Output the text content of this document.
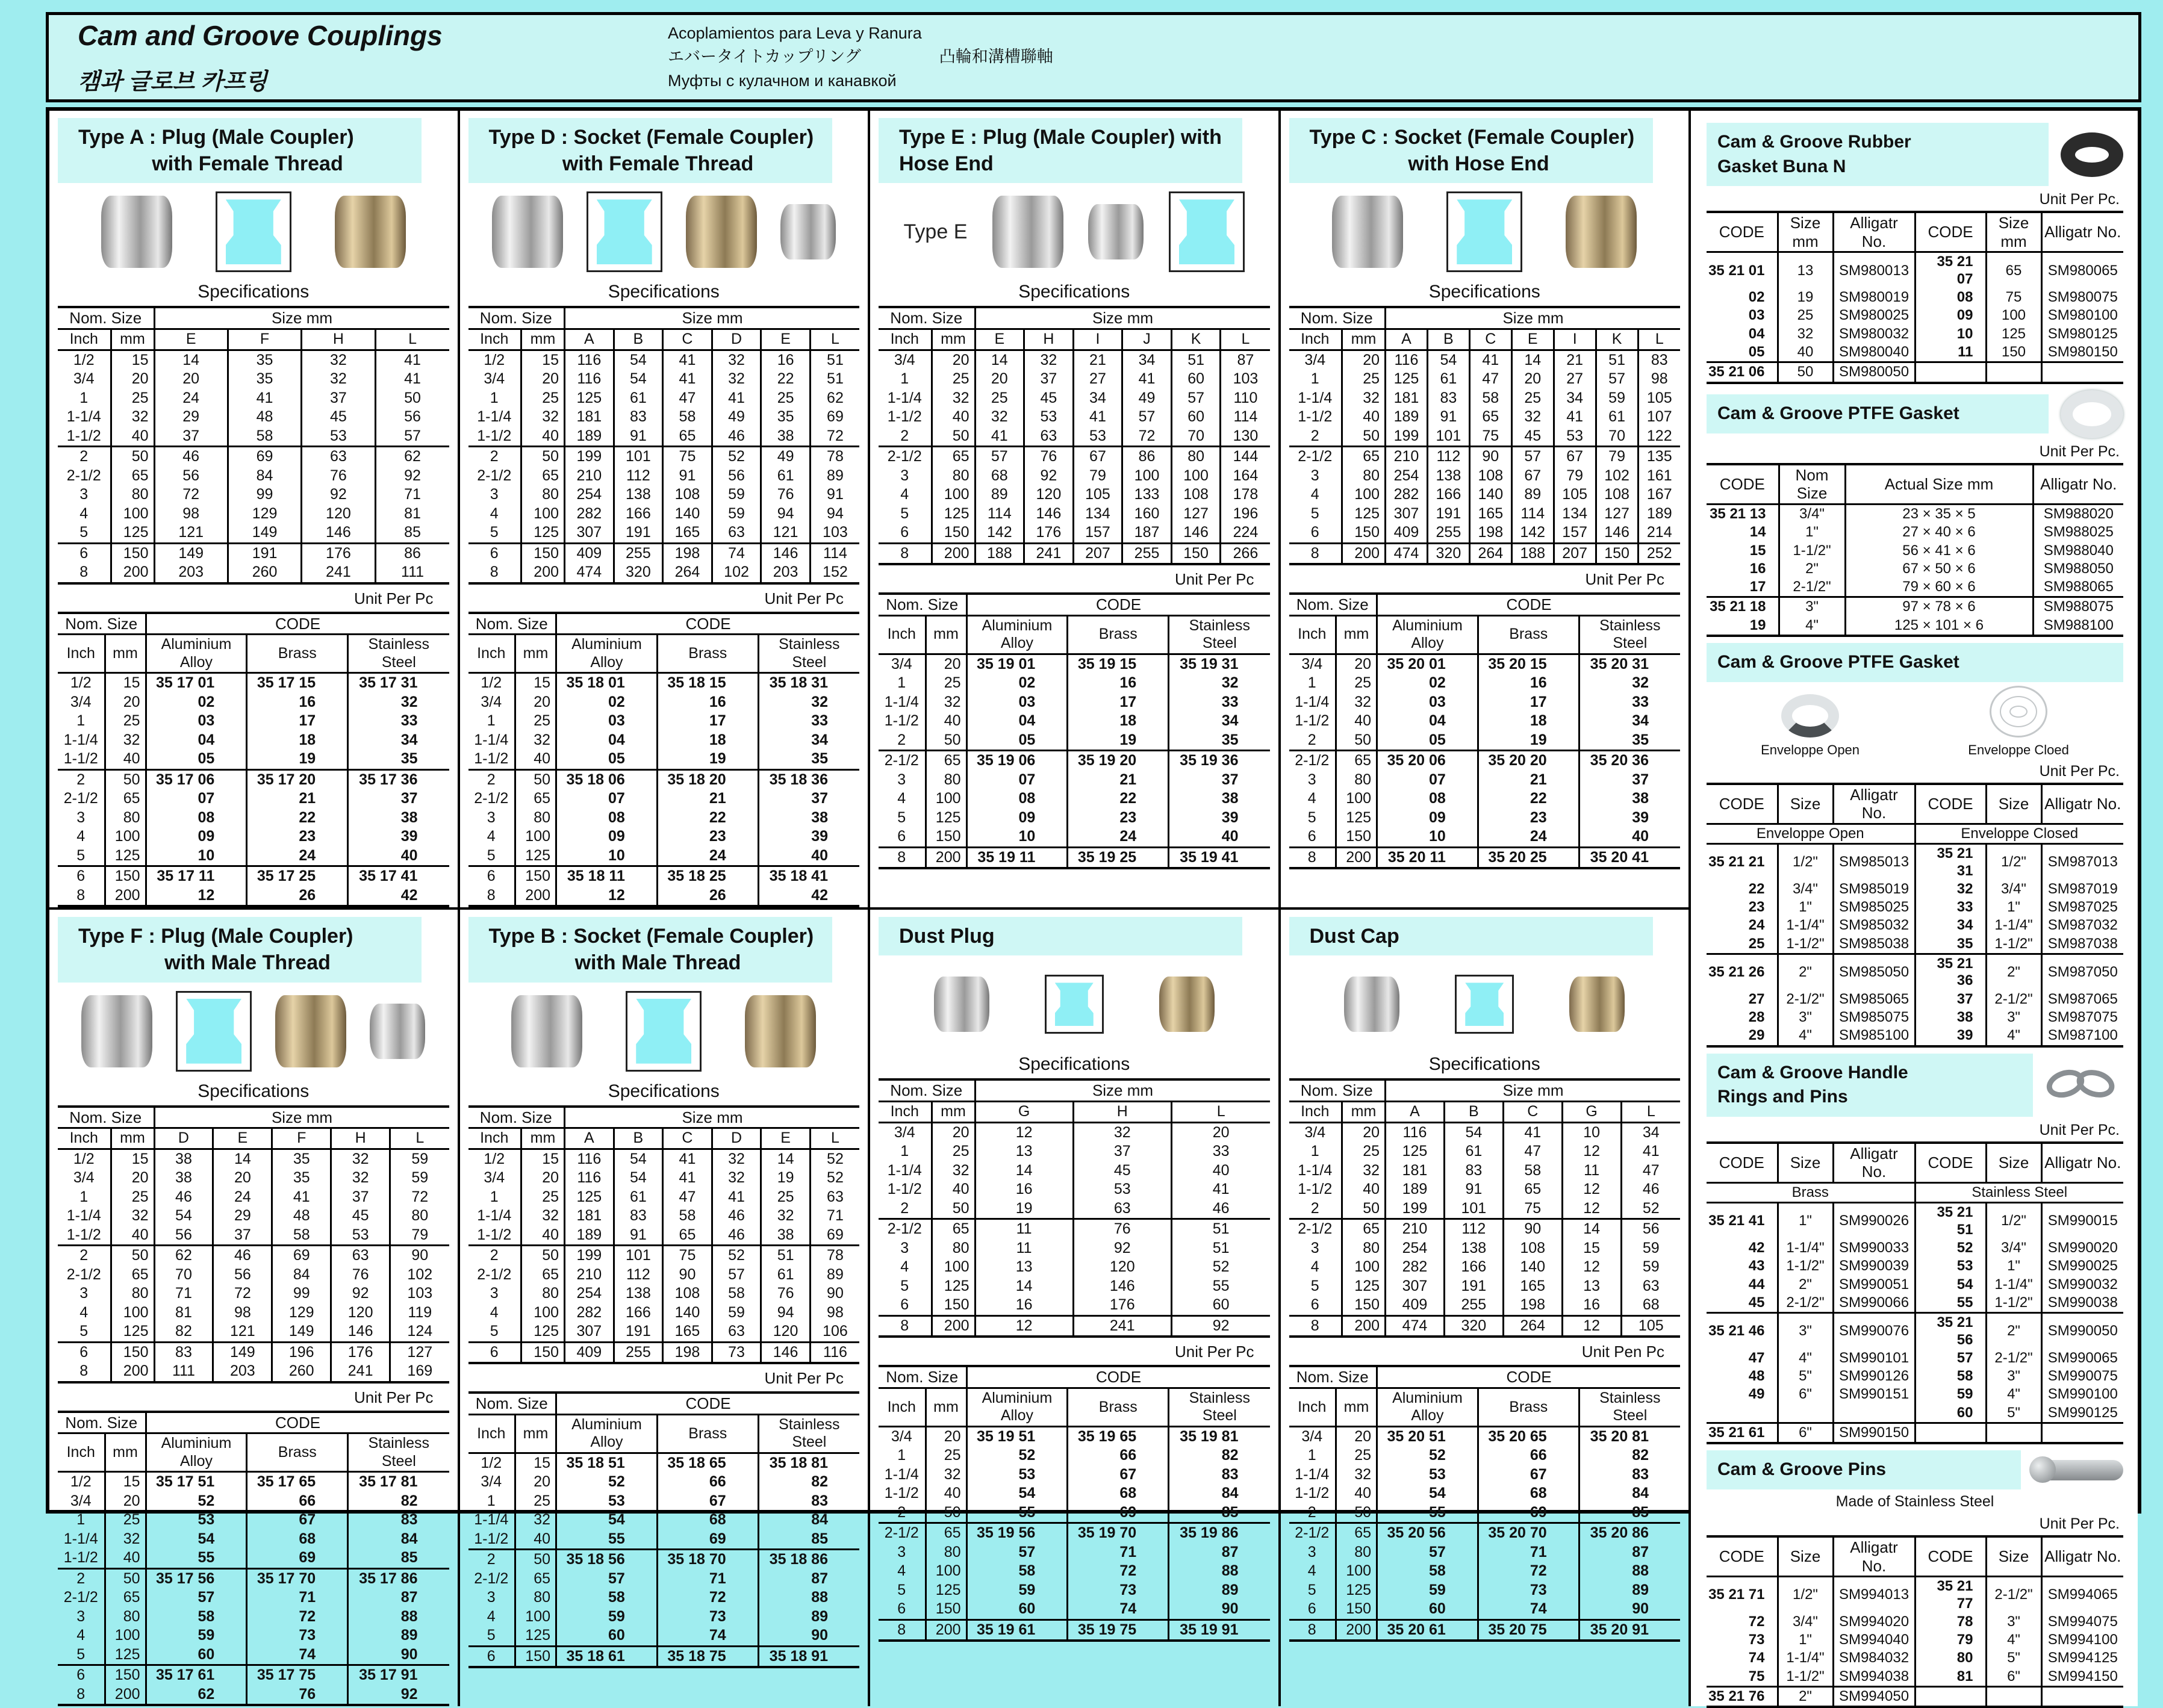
Cam and Groove Couplings
캠과 글로브 카프링
Acoplamientos para Leva y Ranura
エバータイトカップリング	凸輪和溝槽聯軸
Муфты с кулачном и канавкой
Type A : Plug (Male Coupler)
with Female Thread
Specifications
Nom. Size		Size mm			
Inch	mm	E	F	H	L
1/2	15	14	35	32	41
3/4	20	20	35	32	41
1	25	24	41	37	50
1-1/4	32	29	48	45	56
1-1/2	40	37	58	53	57
2	50	46	69	63	62
2-1/2	65	56	84	76	92
3	80	72	99	92	71
4	100	98	129	120	81
5	125	121	149	146	85
6	150	149	191	176	86
8	200	203	260	241	111
Unit Per Pc
Nom. Size		CODE		
Inch	mm	Aluminium Alloy	Brass	Stainless Steel
1/2	15	35 17 01	35 17 15	35 17 31
3/4	20	02	16	32
1	25	03	17	33
1-1/4	32	04	18	34
1-1/2	40	05	19	35
2	50	35 17 06	35 17 20	35 17 36
2-1/2	65	07	21	37
3	80	08	22	38
4	100	09	23	39
5	125	10	24	40
6	150	35 17 11	35 17 25	35 17 41
8	200	12	26	42
Type D : Socket (Female Coupler)
with Female Thread
Specifications
Nom. Size		Size mm					
Inch	mm	A	B	C	D	E	L
1/2	15	116	54	41	32	16	51
3/4	20	116	54	41	32	22	51
1	25	125	61	47	41	25	62
1-1/4	32	181	83	58	49	35	69
1-1/2	40	189	91	65	46	38	72
2	50	199	101	75	52	49	78
2-1/2	65	210	112	91	56	61	89
3	80	254	138	108	59	76	91
4	100	282	166	140	59	94	94
5	125	307	191	165	63	121	103
6	150	409	255	198	74	146	114
8	200	474	320	264	102	203	152
Unit Per Pc
Nom. Size		CODE		
Inch	mm	Aluminium Alloy	Brass	Stainless Steel
1/2	15	35 18 01	35 18 15	35 18 31
3/4	20	02	16	32
1	25	03	17	33
1-1/4	32	04	18	34
1-1/2	40	05	19	35
2	50	35 18 06	35 18 20	35 18 36
2-1/2	65	07	21	37
3	80	08	22	38
4	100	09	23	39
5	125	10	24	40
6	150	35 18 11	35 18 25	35 18 41
8	200	12	26	42
Type E : Plug (Male Coupler) with Hose End
Type E
Specifications
Nom. Size		Size mm					
Inch	mm	E	H	I	J	K	L
3/4	20	14	32	21	34	51	87
1	25	20	37	27	41	60	103
1-1/4	32	25	45	34	49	57	110
1-1/2	40	32	53	41	57	60	114
2	50	41	63	53	72	70	130
2-1/2	65	57	76	67	86	80	144
3	80	68	92	79	100	100	164
4	100	89	120	105	133	108	178
5	125	114	146	134	160	127	196
6	150	142	176	157	187	146	224
8	200	188	241	207	255	150	266
Unit Per Pc
Nom. Size		CODE		
Inch	mm	Aluminium Alloy	Brass	Stainless Steel
3/4	20	35 19 01	35 19 15	35 19 31
1	25	02	16	32
1-1/4	32	03	17	33
1-1/2	40	04	18	34
2	50	05	19	35
2-1/2	65	35 19 06	35 19 20	35 19 36
3	80	07	21	37
4	100	08	22	38
5	125	09	23	39
6	150	10	24	40
8	200	35 19 11	35 19 25	35 19 41
Type C : Socket (Female Coupler)
with Hose End
Specifications
Nom. Size		Size mm						
Inch	mm	A	B	C	E	I	K	L
3/4	20	116	54	41	14	21	51	83
1	25	125	61	47	20	27	57	98
1-1/4	32	181	83	58	25	34	59	105
1-1/2	40	189	91	65	32	41	61	107
2	50	199	101	75	45	53	70	122
2-1/2	65	210	112	90	57	67	79	135
3	80	254	138	108	67	79	102	161
4	100	282	166	140	89	105	108	167
5	125	307	191	165	114	134	127	189
6	150	409	255	198	142	157	146	214
8	200	474	320	264	188	207	150	252
Unit Per Pc
Nom. Size		CODE		
Inch	mm	Aluminium Alloy	Brass	Stainless Steel
3/4	20	35 20 01	35 20 15	35 20 31
1	25	02	16	32
1-1/4	32	03	17	33
1-1/2	40	04	18	34
2	50	05	19	35
2-1/2	65	35 20 06	35 20 20	35 20 36
3	80	07	21	37
4	100	08	22	38
5	125	09	23	39
6	150	10	24	40
8	200	35 20 11	35 20 25	35 20 41
Type F : Plug (Male Coupler)
with Male Thread
Specifications
Nom. Size		Size mm				
Inch	mm	D	E	F	H	L
1/2	15	38	14	35	32	59
3/4	20	38	20	35	32	59
1	25	46	24	41	37	72
1-1/4	32	54	29	48	45	80
1-1/2	40	56	37	58	53	79
2	50	62	46	69	63	90
2-1/2	65	70	56	84	76	102
3	80	71	72	99	92	103
4	100	81	98	129	120	119
5	125	82	121	149	146	124
6	150	83	149	196	176	127
8	200	111	203	260	241	169
Unit Per Pc
Nom. Size		CODE		
Inch	mm	Aluminium Alloy	Brass	Stainless Steel
1/2	15	35 17 51	35 17 65	35 17 81
3/4	20	52	66	82
1	25	53	67	83
1-1/4	32	54	68	84
1-1/2	40	55	69	85
2	50	35 17 56	35 17 70	35 17 86
2-1/2	65	57	71	87
3	80	58	72	88
4	100	59	73	89
5	125	60	74	90
6	150	35 17 61	35 17 75	35 17 91
8	200	62	76	92
Type B : Socket (Female Coupler)
with Male Thread
Specifications
Nom. Size		Size mm					
Inch	mm	A	B	C	D	E	L
1/2	15	116	54	41	32	14	52
3/4	20	116	54	41	32	19	52
1	25	125	61	47	41	25	63
1-1/4	32	181	83	58	46	32	71
1-1/2	40	189	91	65	46	38	69
2	50	199	101	75	52	51	78
2-1/2	65	210	112	90	57	61	89
3	80	254	138	108	58	76	90
4	100	282	166	140	59	94	98
5	125	307	191	165	63	120	106
6	150	409	255	198	73	146	116
Unit Per Pc
Nom. Size		CODE		
Inch	mm	Aluminium Alloy	Brass	Stainless Steel
1/2	15	35 18 51	35 18 65	35 18 81
3/4	20	52	66	82
1	25	53	67	83
1-1/4	32	54	68	84
1-1/2	40	55	69	85
2	50	35 18 56	35 18 70	35 18 86
2-1/2	65	57	71	87
3	80	58	72	88
4	100	59	73	89
5	125	60	74	90
6	150	35 18 61	35 18 75	35 18 91
Dust Plug
Specifications
Nom. Size		Size mm		
Inch	mm	G	H	L
3/4	20	12	32	20
1	25	13	37	33
1-1/4	32	14	45	40
1-1/2	40	16	53	41
2	50	19	63	46
2-1/2	65	11	76	51
3	80	11	92	51
4	100	13	120	52
5	125	14	146	55
6	150	16	176	60
8	200	12	241	92
Unit Per Pc
Nom. Size		CODE		
Inch	mm	Aluminium Alloy	Brass	Stainless Steel
3/4	20	35 19 51	35 19 65	35 19 81
1	25	52	66	82
1-1/4	32	53	67	83
1-1/2	40	54	68	84
2	50	55	69	85
2-1/2	65	35 19 56	35 19 70	35 19 86
3	80	57	71	87
4	100	58	72	88
5	125	59	73	89
6	150	60	74	90
8	200	35 19 61	35 19 75	35 19 91
Dust Cap
Specifications
Nom. Size		Size mm				
Inch	mm	A	B	C	G	L
3/4	20	116	54	41	10	34
1	25	125	61	47	12	41
1-1/4	32	181	83	58	11	47
1-1/2	40	189	91	65	12	46
2	50	199	101	75	12	52
2-1/2	65	210	112	90	14	56
3	80	254	138	108	15	59
4	100	282	166	140	12	59
5	125	307	191	165	13	63
6	150	409	255	198	16	68
8	200	474	320	264	12	105
Unit Pen Pc
Nom. Size		CODE		
Inch	mm	Aluminium Alloy	Brass	Stainless Steel
3/4	20	35 20 51	35 20 65	35 20 81
1	25	52	66	82
1-1/4	32	53	67	83
1-1/2	40	54	68	84
2	50	55	69	85
2-1/2	65	35 20 56	35 20 70	35 20 86
3	80	57	71	87
4	100	58	72	88
5	125	59	73	89
6	150	60	74	90
8	200	35 20 61	35 20 75	35 20 91
Cam & Groove Rubber
Gasket Buna N
Unit Per Pc.
CODE	Size mm	Alligatr No.	CODE	Size mm	Alligatr No.
35 21 01	13	SM980013	35 21 07	65	SM980065
02	19	SM980019	08	75	SM980075
03	25	SM980025	09	100	SM980100
04	32	SM980032	10	125	SM980125
05	40	SM980040	11	150	SM980150
35 21 06	50	SM980050			
Cam & Groove PTFE Gasket
Unit Per Pc.
CODE	Nom Size	Actual Size mm	Alligatr No.
35 21 13	3/4"	23 × 35 × 5	SM988020
14	1"	27 × 40 × 6	SM988025
15	1-1/2"	56 × 41 × 6	SM988040
16	2"	67 × 50 × 6	SM988050
17	2-1/2"	79 × 60 × 6	SM988065
35 21 18	3"	97 × 78 × 6	SM988075
19	4"	125 × 101 × 6	SM988100
Cam & Groove PTFE Gasket
Enveloppe Open	Enveloppe Cloed
Unit Per Pc.
CODE	Size	Alligatr No.	CODE	Size	Alligatr No.
Enveloppe Open			Enveloppe Closed		
35 21 21	1/2"	SM985013	35 21 31	1/2"	SM987013
22	3/4"	SM985019	32	3/4"	SM987019
23	1"	SM985025	33	1"	SM987025
24	1-1/4"	SM985032	34	1-1/4"	SM987032
25	1-1/2"	SM985038	35	1-1/2"	SM987038
35 21 26	2"	SM985050	35 21 36	2"	SM987050
27	2-1/2"	SM985065	37	2-1/2"	SM987065
28	3"	SM985075	38	3"	SM987075
29	4"	SM985100	39	4"	SM987100
Cam & Groove Handle
Rings and Pins
Unit Per Pc.
CODE	Size	Alligatr No.	CODE	Size	Alligatr No.
Brass			Stainless Steel		
35 21 41	1"	SM990026	35 21 51	1/2"	SM990015
42	1-1/4"	SM990033	52	3/4"	SM990020
43	1-1/2"	SM990039	53	1"	SM990025
44	2"	SM990051	54	1-1/4"	SM990032
45	2-1/2"	SM990066	55	1-1/2"	SM990038
35 21 46	3"	SM990076	35 21 56	2"	SM990050
47	4"	SM990101	57	2-1/2"	SM990065
48	5"	SM990126	58	3"	SM990075
49	6"	SM990151	59	4"	SM990100
			60	5"	SM990125
35 21 61	6"	SM990150			
Cam & Groove Pins
Made of Stainless Steel
Unit Per Pc.
CODE	Size	Alligatr No.	CODE	Size	Alligatr No.
35 21 71	1/2"	SM994013	35 21 77	2-1/2"	SM994065
72	3/4"	SM994020	78	3"	SM994075
73	1"	SM994040	79	4"	SM994100
74	1-1/4"	SM984032	80	5"	SM994125
75	1-1/2"	SM994038	81	6"	SM994150
35 21 76	2"	SM994050			
